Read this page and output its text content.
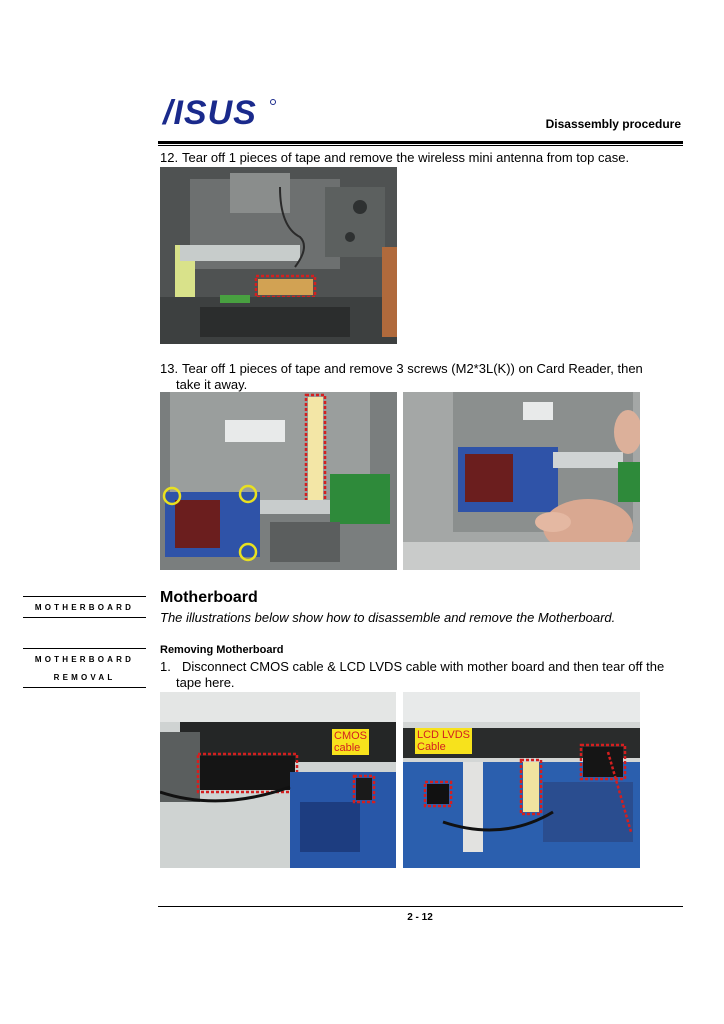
/ISUS	Disassembly procedure
12. Tear off 1 pieces of tape and remove the wireless mini antenna from top case.
13. Tear off 1 pieces of tape and remove 3 screws (M2*3L(K)) on Card Reader, then
take it away.
MOTHERBOARD
MOTHERBOARD
REMOVAL
Motherboard
The illustrations below show how to disassemble and remove the Motherboard.
Removing Motherboard
1. Disconnect CMOS cable & LCD LVDS cable with mother board and then tear off the
tape here.
CMOS
cable
LCD LVDS
Cable
2 - 12
